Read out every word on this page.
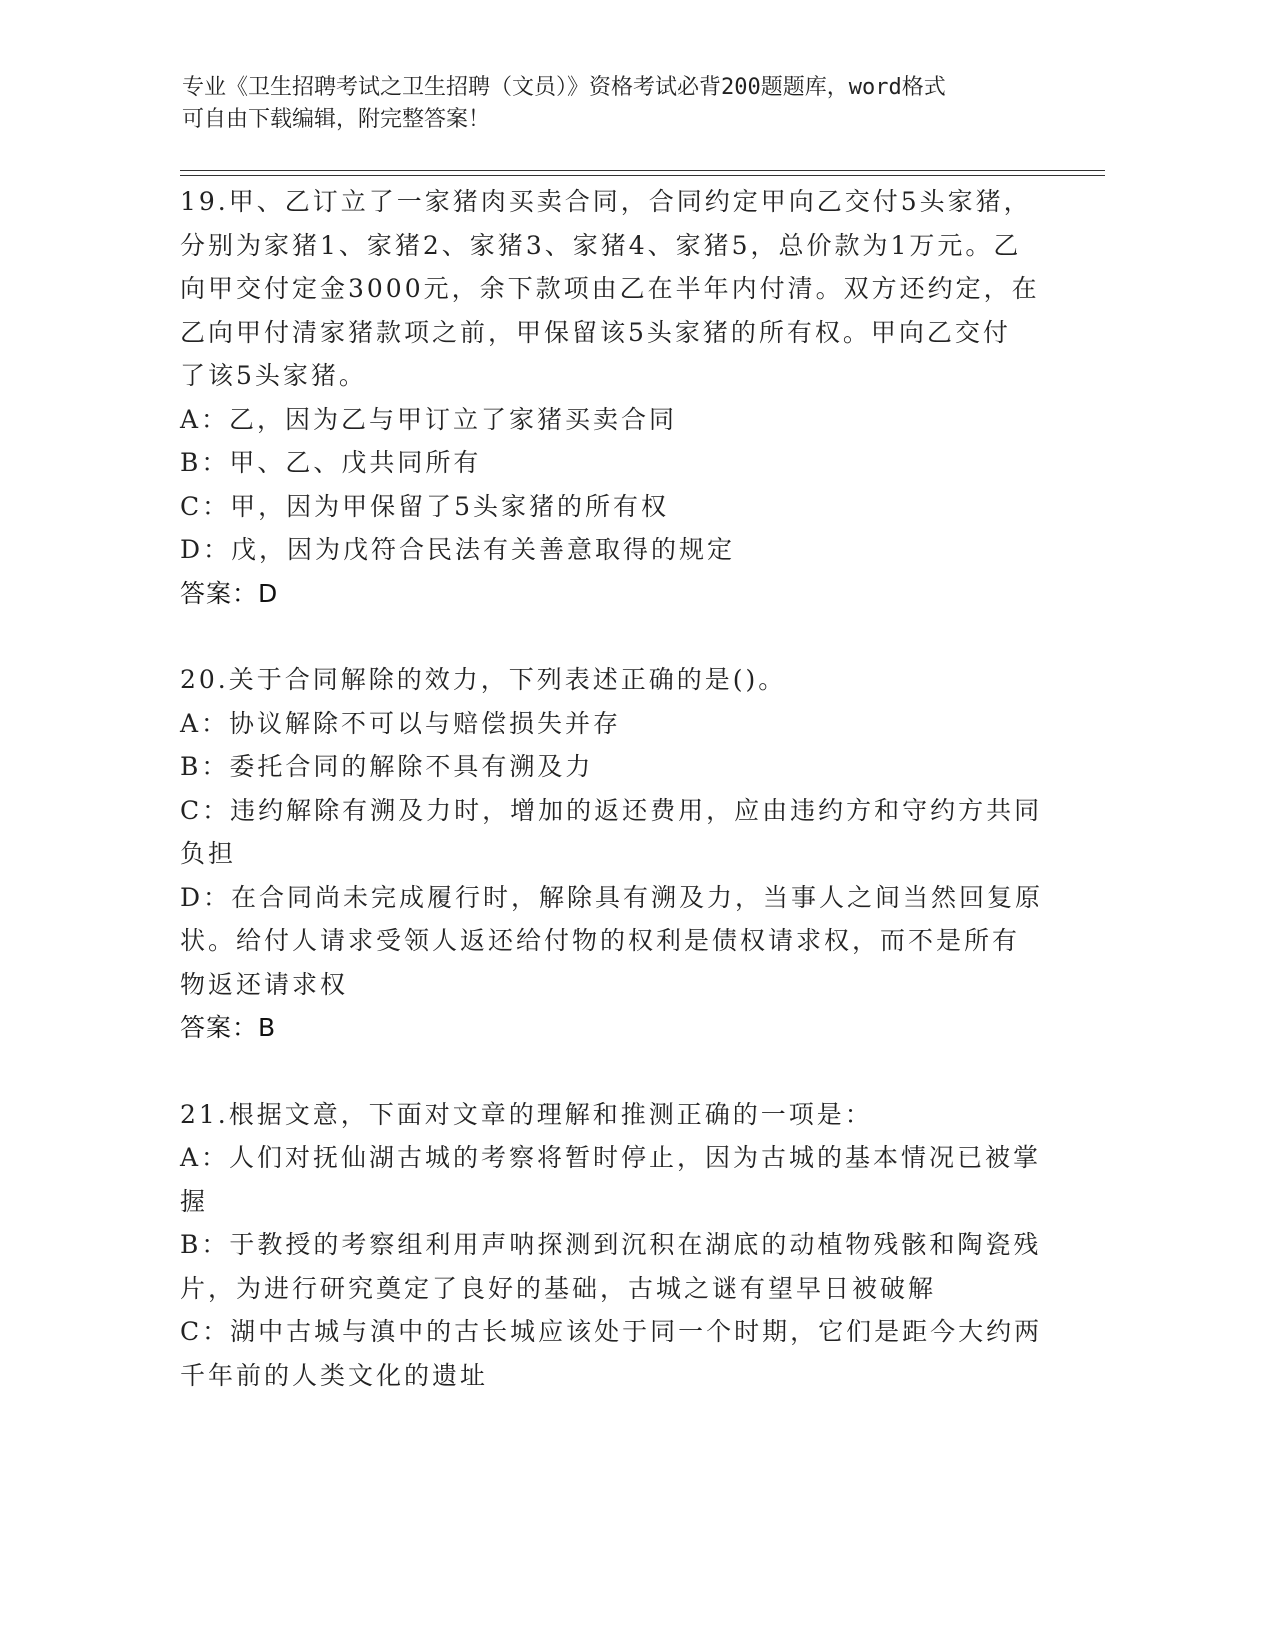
专业《卫生招聘考试之卫生招聘（文员）》资格考试必背200题题库，word格式
可自由下载编辑，附完整答案！
19.甲、乙订立了一家猪肉买卖合同，合同约定甲向乙交付5头家猪，
分别为家猪1、家猪2、家猪3、家猪4、家猪5，总价款为1万元。乙
向甲交付定金3000元，余下款项由乙在半年内付清。双方还约定，在
乙向甲付清家猪款项之前，甲保留该5头家猪的所有权。甲向乙交付
了该5头家猪。
A：乙，因为乙与甲订立了家猪买卖合同
B：甲、乙、戊共同所有
C：甲，因为甲保留了5头家猪的所有权
D：戊，因为戊符合民法有关善意取得的规定
答案：D
20.关于合同解除的效力，下列表述正确的是()。
A：协议解除不可以与赔偿损失并存
B：委托合同的解除不具有溯及力
C：违约解除有溯及力时，增加的返还费用，应由违约方和守约方共同
负担
D：在合同尚未完成履行时，解除具有溯及力，当事人之间当然回复原
状。给付人请求受领人返还给付物的权利是债权请求权，而不是所有
物返还请求权
答案：B
21.根据文意，下面对文章的理解和推测正确的一项是：
A：人们对抚仙湖古城的考察将暂时停止，因为古城的基本情况已被掌
握
B：于教授的考察组利用声呐探测到沉积在湖底的动植物残骸和陶瓷残
片，为进行研究奠定了良好的基础，古城之谜有望早日被破解
C：湖中古城与滇中的古长城应该处于同一个时期，它们是距今大约两
千年前的人类文化的遗址
